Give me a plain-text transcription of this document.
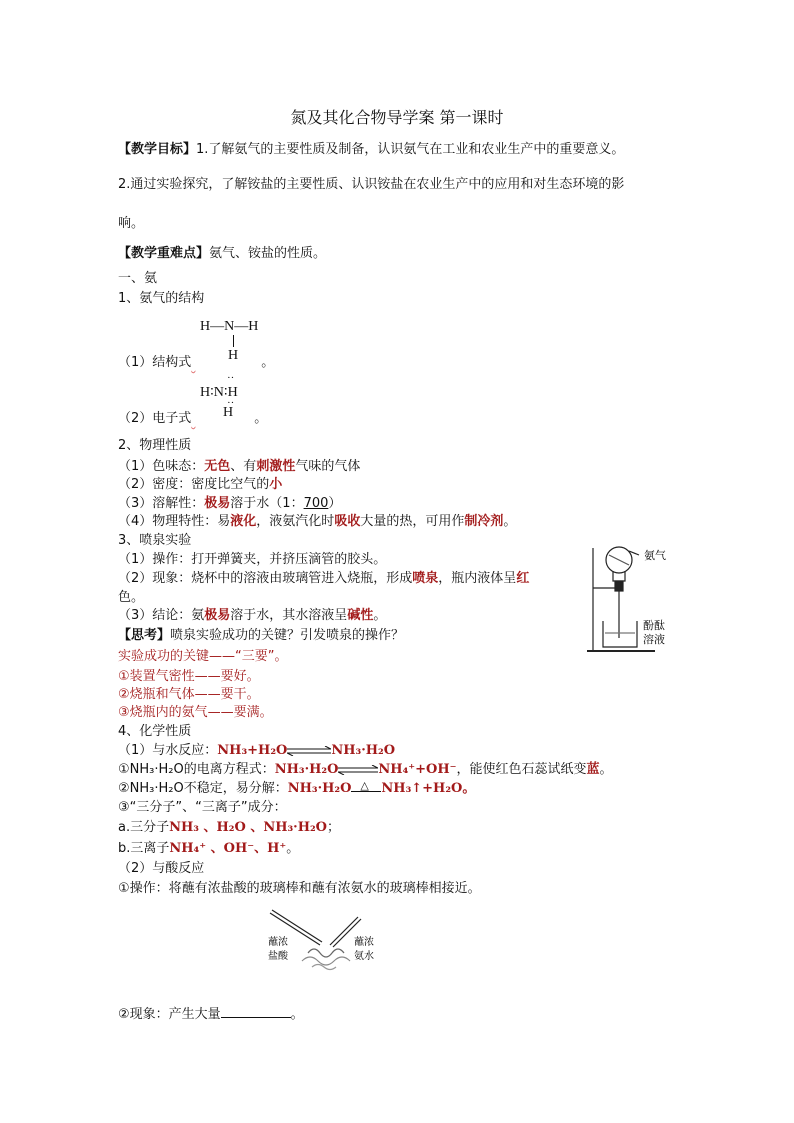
氮及其化合物导学案 第一课时
【教学目标】1.了解氨气的主要性质及制备，认识氨气在工业和农业生产中的重要意义。
2.通过实验探究，了解铵盐的主要性质、认识铵盐在农业生产中的应用和对生态环境的影
响。
【教学重难点】氨气、铵盐的性质。
一、氨
1、氨气的结构
H—N—H
H
（1）结构式	。
··
H∶N∶H
··
H
（2）电子式	。
2、物理性质
（1）色味态：无色、有刺激性气味的气体
（2）密度：密度比空气的小
（3）溶解性：极易溶于水（1：700）
（4）物理特性：易液化，液氨汽化时吸收大量的热，可用作制冷剂。
3、喷泉实验
（1）操作：打开弹簧夹，并挤压滴管的胶头。
（2）现象：烧杯中的溶液由玻璃管进入烧瓶，形成喷泉，瓶内液体呈红
色。
（3）结论：氨极易溶于水，其水溶液呈碱性。
【思考】喷泉实验成功的关键？引发喷泉的操作？
实验成功的关键——“三要”。
①装置气密性——要好。
②烧瓶和气体——要干。
③烧瓶内的氨气——要满。
氨气
酚酞
溶液
4、化学性质
（1）与水反应：NH₃+H₂O⇌NH₃·H₂O
①NH₃·H₂O的电离方程式：NH₃·H₂O⇌NH₄⁺+OH⁻，能使红色石蕊试纸变蓝。
②NH₃·H₂O不稳定，易分解：NH₃·H₂O △ NH₃↑+H₂O。
③“三分子”、“三离子”成分：
a.三分子NH₃ 、H₂O 、NH₃·H₂O；
b.三离子NH₄⁺ 、OH⁻、H⁺。
（2）与酸反应
①操作：将蘸有浓盐酸的玻璃棒和蘸有浓氨水的玻璃棒相接近。
蘸浓
盐酸
蘸浓
氨水
②现象：产生大量	。
